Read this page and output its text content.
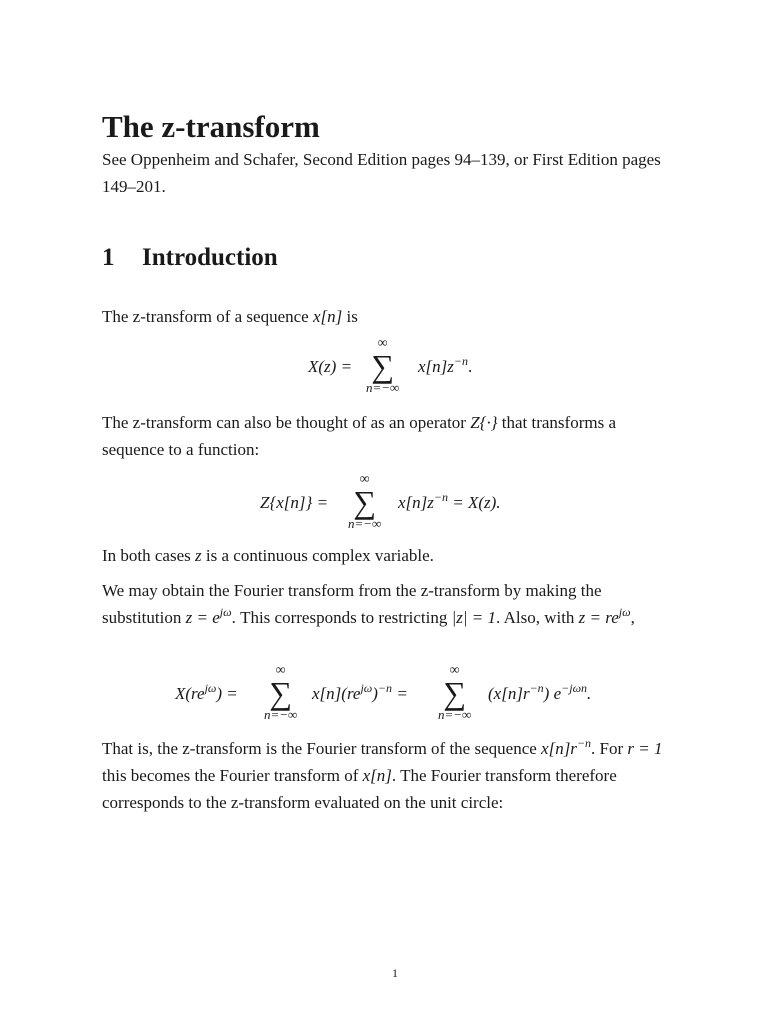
The z-transform
See Oppenheim and Schafer, Second Edition pages 94–139, or First Edition pages 149–201.
1 Introduction
The z-transform of a sequence x[n] is
X(z) =
∞
∑
n=−∞
$x[n]z^{-n}$.
The z-transform can also be thought of as an operator Z{·} that transforms a sequence to a function:
Z{x[n]} =
∞
∑
n=−∞
$x[n]z^{-n} = X(z)$.
In both cases z is a continuous complex variable.
We may obtain the Fourier transform from the z-transform by making the substitution $z = e^{j\omega}$. This corresponds to restricting |z| = 1. Also, with $z = re^{j\omega}$,
$X(re^{j\omega})$ =
∞
∑
n=−∞
$x[n](re^{j\omega})^{-n}$ =
∞
∑
n=−∞
$(x[n]r^{-n})$ $e^{-j\omega n}$.
That is, the z-transform is the Fourier transform of the sequence $x[n]r^{-n}$. For r = 1 this becomes the Fourier transform of x[n]. The Fourier transform therefore corresponds to the z-transform evaluated on the unit circle:
1
